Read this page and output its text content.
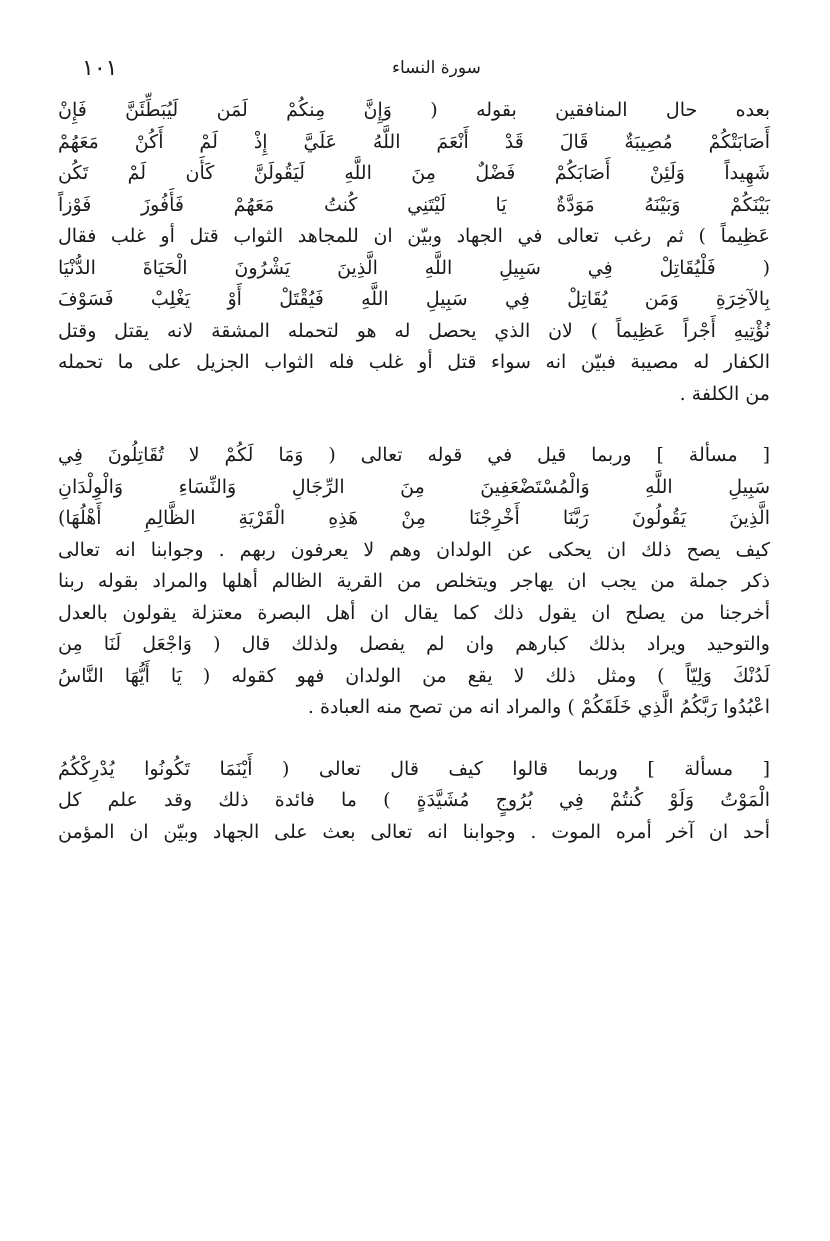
١٠١	سورة النساء

بعده حال المنافقين بقوله ( وَإِنَّ مِنكُمْ لَمَن لَيُبَطِّئَنَّ فَإِنْ

أَصَابَتْكُمْ مُصِيبَةٌ قَالَ قَدْ أَنْعَمَ اللَّهُ عَلَيَّ إِذْ لَمْ أَكُنْ مَعَهُمْ

شَهِيداً وَلَئِنْ أَصَابَكُمْ فَضْلٌ مِنَ اللَّهِ لَيَقُولَنَّ كَأَن لَمْ تَكُن

بَيْنَكُمْ وَبَيْنَهُ مَوَدَّةٌ يَا لَيْتَنِي كُنتُ مَعَهُمْ فَأَفُوزَ فَوْزاً

عَظِيماً ) ثم رغب تعالى في الجهاد وبيّن ان للمجاهد الثواب قتل أو غلب فقال

( فَلْيُقَاتِلْ فِي سَبِيلِ اللَّهِ الَّذِينَ يَشْرُونَ الْحَيَاةَ الدُّنْيَا

بِالآخِرَةِ وَمَن يُقَاتِلْ فِي سَبِيلِ اللَّهِ فَيُقْتَلْ أَوْ يَغْلِبْ فَسَوْفَ

نُؤْتِيهِ أَجْراً عَظِيماً ) لان الذي يحصل له هو لتحمله المشقة لانه يقتل وقتل

الكفار له مصيبة فبيّن انه سواء قتل أو غلب فله الثواب الجزيل على ما تحمله

من الكلفة .

[ مسألة ] وربما قيل في قوله تعالى ( وَمَا لَكُمْ لا تُقَاتِلُونَ فِي

سَبِيلِ اللَّهِ وَالْمُسْتَضْعَفِينَ مِنَ الرِّجَالِ وَالنِّسَاءِ وَالْوِلْدَانِ

الَّذِينَ يَقُولُونَ رَبَّنَا أَخْرِجْنَا مِنْ هَذِهِ الْقَرْيَةِ الظَّالِمِ أَهْلُهَا)

كيف يصح ذلك ان يحكى عن الولدان وهم لا يعرفون ربهم . وجوابنا انه تعالى

ذكر جملة من يجب ان يهاجر ويتخلص من القرية الظالم أهلها والمراد بقوله ربنا

أخرجنا من يصلح ان يقول ذلك كما يقال ان أهل البصرة معتزلة يقولون بالعدل

والتوحيد ويراد بذلك كبارهم وان لم يفصل ولذلك قال ( وَاجْعَل لَنَا مِن

لَدُنْكَ وَلِيّاً ) ومثل ذلك لا يقع من الولدان فهو كقوله ( يَا أَيُّهَا النَّاسُ

اعْبُدُوا رَبَّكُمُ الَّذِي خَلَقَكُمْ ) والمراد انه من تصح منه العبادة .

[ مسألة ] وربما قالوا كيف قال تعالى ( أَيْنَمَا تَكُونُوا يُدْرِكْكُمُ

الْمَوْتُ وَلَوْ كُنتُمْ فِي بُرُوجٍ مُشَيَّدَةٍ ) ما فائدة ذلك وقد علم كل

أحد ان آخر أمره الموت . وجوابنا انه تعالى بعث على الجهاد وبيّن ان المؤمن
